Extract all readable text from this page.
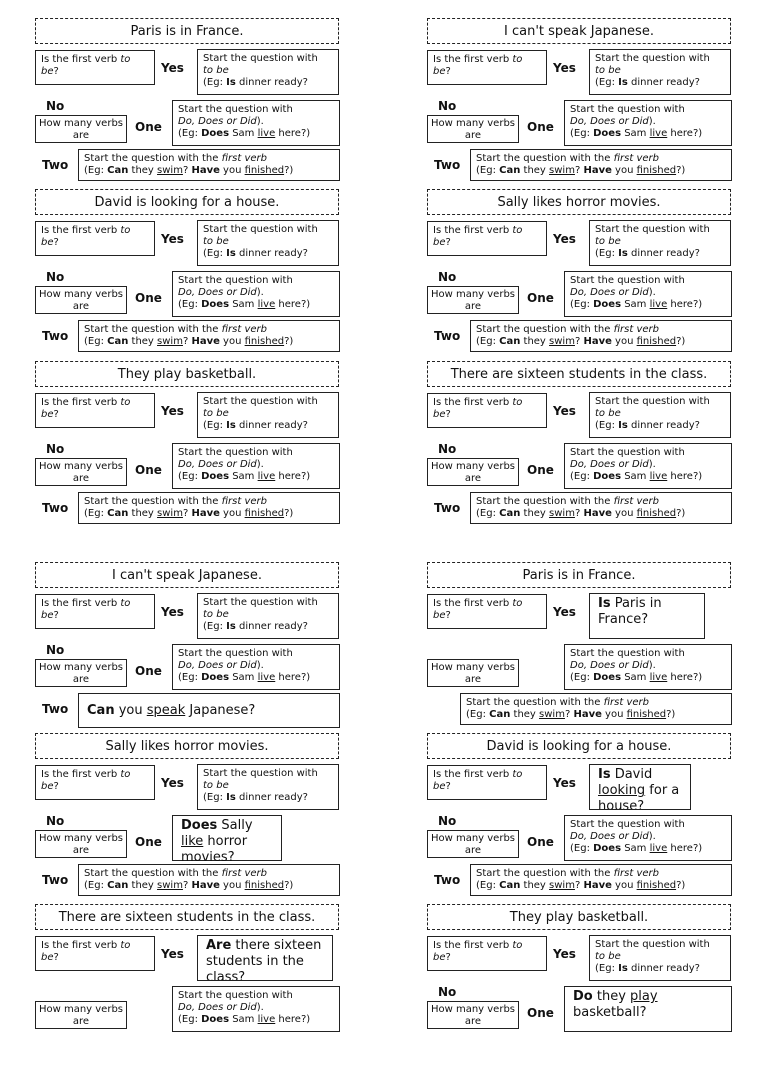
Paris is in France.
Is the first verb to be?	Yes
Start the question with
to be
(Eg: Is dinner ready?
No
How many verbs are
One
Start the question with
Do, Does or Did).
(Eg: Does Sam live here?)
Two	Start the question with the first verb
(Eg: Can they swim? Have you finished?)
I can't speak Japanese.
Is the first verb to be?	Yes
Start the question with
to be
(Eg: Is dinner ready?
No
How many verbs are
One
Start the question with
Do, Does or Did).
(Eg: Does Sam live here?)
Two	Start the question with the first verb
(Eg: Can they swim? Have you finished?)
David is looking for a house.
Is the first verb to be?	Yes
Start the question with
to be
(Eg: Is dinner ready?
No
How many verbs are
One
Start the question with
Do, Does or Did).
(Eg: Does Sam live here?)
Two	Start the question with the first verb
(Eg: Can they swim? Have you finished?)
Sally likes horror movies.
Is the first verb to be?	Yes
Start the question with
to be
(Eg: Is dinner ready?
No
How many verbs are
One
Start the question with
Do, Does or Did).
(Eg: Does Sam live here?)
Two	Start the question with the first verb
(Eg: Can they swim? Have you finished?)
They play basketball.
Is the first verb to be?	Yes
Start the question with
to be
(Eg: Is dinner ready?
No
How many verbs are
One
Start the question with
Do, Does or Did).
(Eg: Does Sam live here?)
Two	Start the question with the first verb
(Eg: Can they swim? Have you finished?)
There are sixteen students in the class.
Is the first verb to be?	Yes
Start the question with
to be
(Eg: Is dinner ready?
No
How many verbs are
One
Start the question with
Do, Does or Did).
(Eg: Does Sam live here?)
Two	Start the question with the first verb
(Eg: Can they swim? Have you finished?)
I can't speak Japanese.
Is the first verb to be?	Yes
Start the question with
to be
(Eg: Is dinner ready?
No
How many verbs are
One
Start the question with
Do, Does or Did).
(Eg: Does Sam live here?)
Two Can you speak Japanese?
Paris is in France.
Is the first verb to be?	Yes
Is Paris in France?
How many verbs are
Start the question with
Do, Does or Did).
(Eg: Does Sam live here?)
Start the question with the first verb
(Eg: Can they swim? Have you finished?)
Sally likes horror movies.
Is the first verb to be?	Yes
Start the question with
to be
(Eg: Is dinner ready?
No
How many verbs are
One
Does Sally like horror movies?
Two	Start the question with the first verb
(Eg: Can they swim? Have you finished?)
David is looking for a house.
Is the first verb to be?	Yes
Is David looking for a house?
No
How many verbs are
One
Start the question with
Do, Does or Did).
(Eg: Does Sam live here?)
Two	Start the question with the first verb
(Eg: Can they swim? Have you finished?)
There are sixteen students in the class.
Is the first verb to be?	Yes
Are there sixteen students in the class?
How many verbs are
Start the question with
Do, Does or Did).
(Eg: Does Sam live here?)
They play basketball.
Is the first verb to be?	Yes
Start the question with
to be
(Eg: Is dinner ready?
No
How many verbs are
One
Do they play
basketball?
